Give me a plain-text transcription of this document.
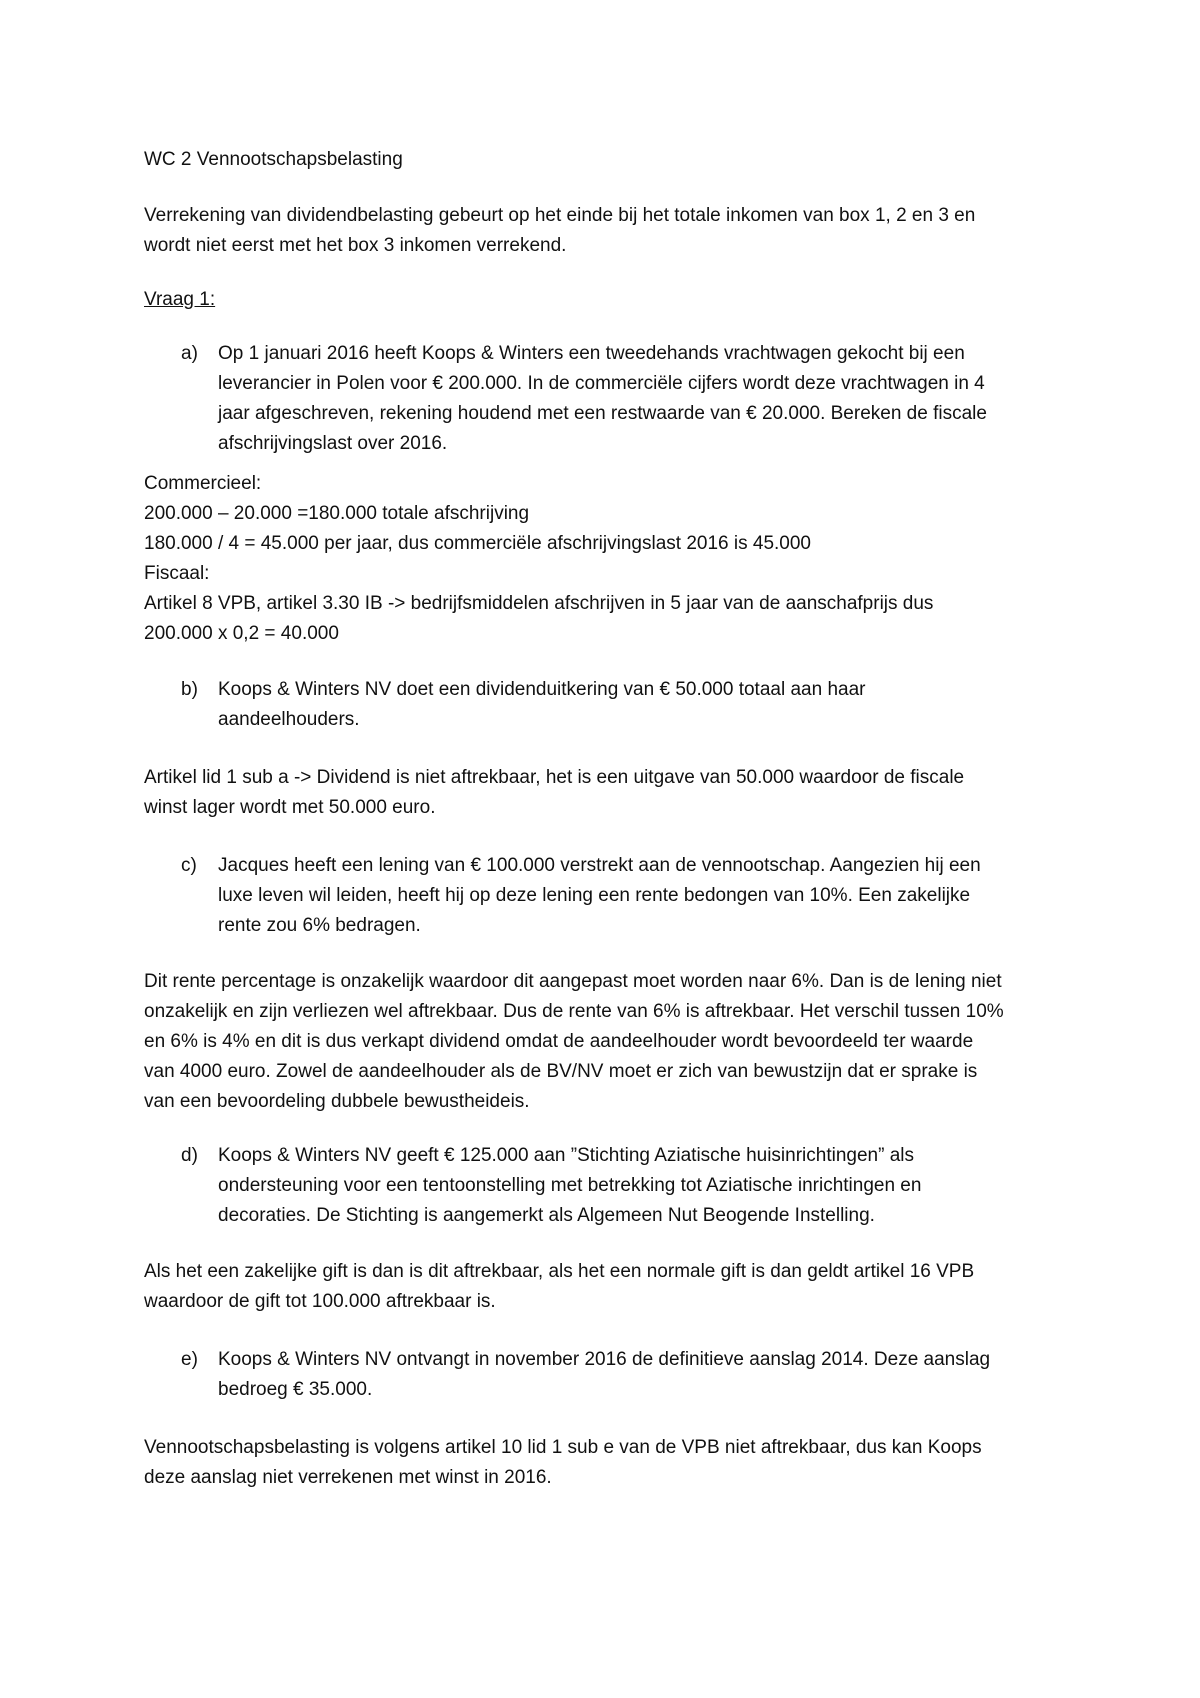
WC 2 Vennootschapsbelasting
Verrekening van dividendbelasting gebeurt op het einde bij het totale inkomen van box 1, 2 en 3 en
wordt niet eerst met het box 3 inkomen verrekend.
Vraag 1:
a)	Op 1 januari 2016 heeft Koops & Winters een tweedehands vrachtwagen gekocht bij een
leverancier in Polen voor € 200.000. In de commerciële cijfers wordt deze vrachtwagen in 4
jaar afgeschreven, rekening houdend met een restwaarde van € 20.000. Bereken de fiscale
afschrijvingslast over 2016.
Commercieel:
200.000 – 20.000 =180.000 totale afschrijving
180.000 / 4 = 45.000 per jaar, dus commerciële afschrijvingslast 2016 is 45.000
Fiscaal:
Artikel 8 VPB, artikel 3.30 IB -> bedrijfsmiddelen afschrijven in 5 jaar van de aanschafprijs dus
200.000 x 0,2 = 40.000
b)	Koops & Winters NV doet een dividenduitkering van € 50.000 totaal aan haar
aandeelhouders.
Artikel lid 1 sub a -> Dividend is niet aftrekbaar, het is een uitgave van 50.000 waardoor de fiscale
winst lager wordt met 50.000 euro.
c)	Jacques heeft een lening van € 100.000 verstrekt aan de vennootschap. Aangezien hij een
luxe leven wil leiden, heeft hij op deze lening een rente bedongen van 10%. Een zakelijke
rente zou 6% bedragen.
Dit rente percentage is onzakelijk waardoor dit aangepast moet worden naar 6%. Dan is de lening niet
onzakelijk en zijn verliezen wel aftrekbaar. Dus de rente van 6% is aftrekbaar. Het verschil tussen 10%
en 6% is 4% en dit is dus verkapt dividend omdat de aandeelhouder wordt bevoordeeld ter waarde
van 4000 euro. Zowel de aandeelhouder als de BV/NV moet er zich van bewustzijn dat er sprake is
van een bevoordeling dubbele bewustheideis.
d)	Koops & Winters NV geeft € 125.000 aan ”Stichting Aziatische huisinrichtingen” als
ondersteuning voor een tentoonstelling met betrekking tot Aziatische inrichtingen en
decoraties. De Stichting is aangemerkt als Algemeen Nut Beogende Instelling.
Als het een zakelijke gift is dan is dit aftrekbaar, als het een normale gift is dan geldt artikel 16 VPB
waardoor de gift tot 100.000 aftrekbaar is.
e)	Koops & Winters NV ontvangt in november 2016 de definitieve aanslag 2014. Deze aanslag
bedroeg € 35.000.
Vennootschapsbelasting is volgens artikel 10 lid 1 sub e van de VPB niet aftrekbaar, dus kan Koops
deze aanslag niet verrekenen met winst in 2016.
